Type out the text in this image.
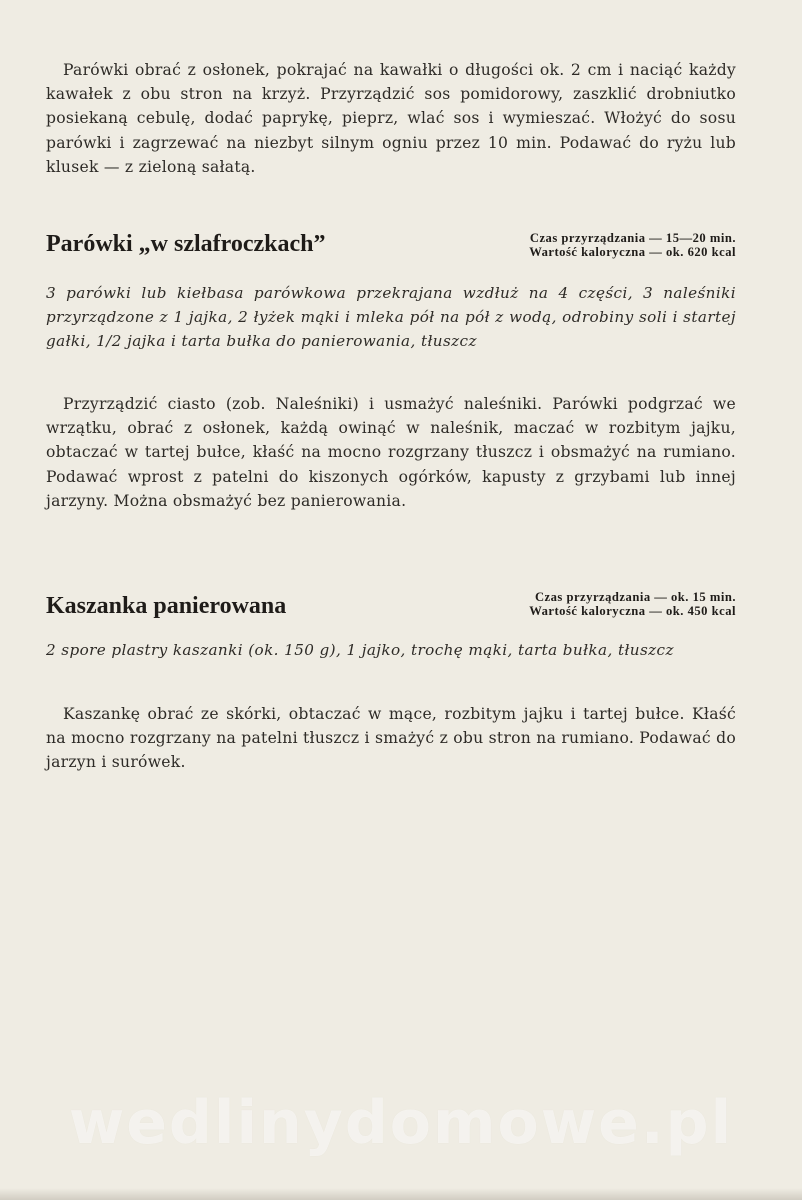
Parówki obrać z osłonek, pokrajać na kawałki o długości ok. 2 cm i naciąć każdy kawałek z obu stron na krzyż. Przyrządzić sos pomidorowy, zaszklić drobniutko posiekaną cebulę, dodać paprykę, pieprz, wlać sos i wymieszać. Włożyć do sosu parówki i zagrzewać na niezbyt silnym ogniu przez 10 min. Podawać do ryżu lub klusek — z zieloną sałatą.

Parówki „w szlafroczkach”	Czas przyrządzania — 15—20 min.
Wartość kaloryczna — ok. 620 kcal

3 parówki lub kiełbasa parówkowa przekrajana wzdłuż na 4 części, 3 naleśniki przyrządzone z 1 jajka, 2 łyżek mąki i mleka pół na pół z wodą, odrobiny soli i startej gałki, 1/2 jajka i tarta bułka do panierowania, tłuszcz

Przyrządzić ciasto (zob. Naleśniki) i usmażyć naleśniki. Parówki podgrzać we wrzątku, obrać z osłonek, każdą owinąć w naleśnik, maczać w rozbitym jajku, obtaczać w tartej bułce, kłaść na mocno rozgrzany tłuszcz i obsmażyć na rumiano. Podawać wprost z patelni do kiszonych ogórków, kapusty z grzybami lub innej jarzyny. Można obsmażyć bez panierowania.

Kaszanka panierowana	Czas przyrządzania — ok. 15 min.
Wartość kaloryczna — ok. 450 kcal

2 spore plastry kaszanki (ok. 150 g), 1 jajko, trochę mąki, tarta bułka, tłuszcz

Kaszankę obrać ze skórki, obtaczać w mące, rozbitym jajku i tartej bułce. Kłaść na mocno rozgrzany na patelni tłuszcz i smażyć z obu stron na rumiano. Podawać do jarzyn i surówek.

wedlinydomowe.pl
